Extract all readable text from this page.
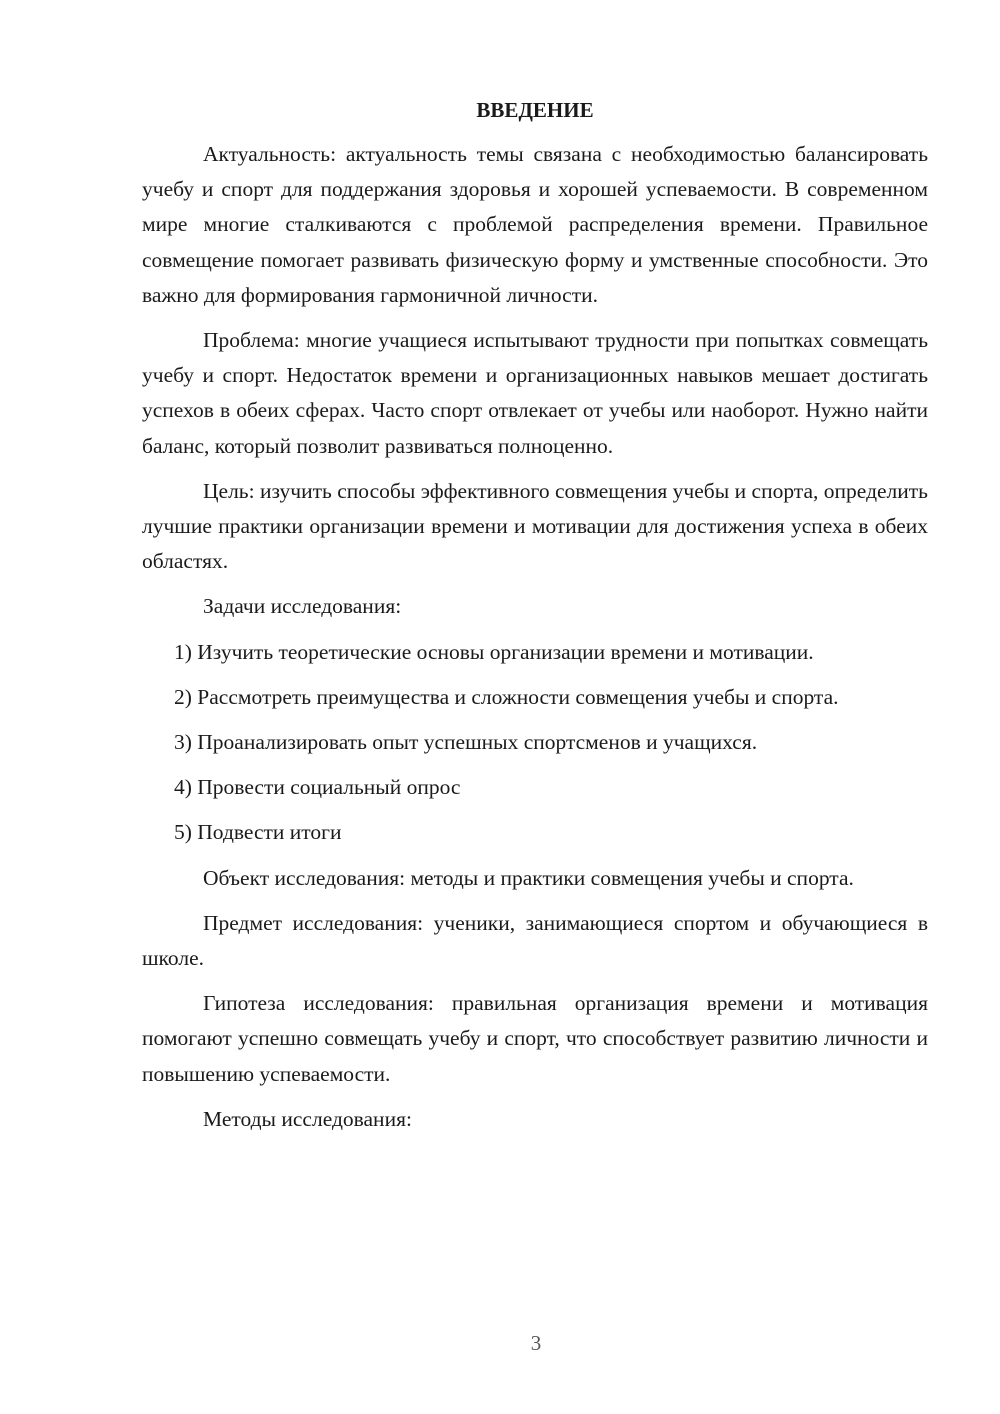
ВВЕДЕНИЕ

Актуальность: актуальность темы связана с необходимостью балансировать учебу и спорт для поддержания здоровья и хорошей успеваемости. В современном мире многие сталкиваются с проблемой распределения времени. Правильное совмещение помогает развивать физическую форму и умственные способности. Это важно для формирования гармоничной личности.

Проблема: многие учащиеся испытывают трудности при попытках совмещать учебу и спорт. Недостаток времени и организационных навыков мешает достигать успехов в обеих сферах. Часто спорт отвлекает от учебы или наоборот. Нужно найти баланс, который позволит развиваться полноценно.

Цель: изучить способы эффективного совмещения учебы и спорта, определить лучшие практики организации времени и мотивации для достижения успеха в обеих областях.

Задачи исследования:

1) Изучить теоретические основы организации времени и мотивации.

2) Рассмотреть преимущества и сложности совмещения учебы и спорта.

3) Проанализировать опыт успешных спортсменов и учащихся.

4) Провести социальный опрос

5) Подвести итоги

Объект исследования: методы и практики совмещения учебы и спорта.

Предмет исследования: ученики, занимающиеся спортом и обучающиеся в школе.

Гипотеза исследования: правильная организация времени и мотивация помогают успешно совмещать учебу и спорт, что способствует развитию личности и повышению успеваемости.

Методы исследования:

3
